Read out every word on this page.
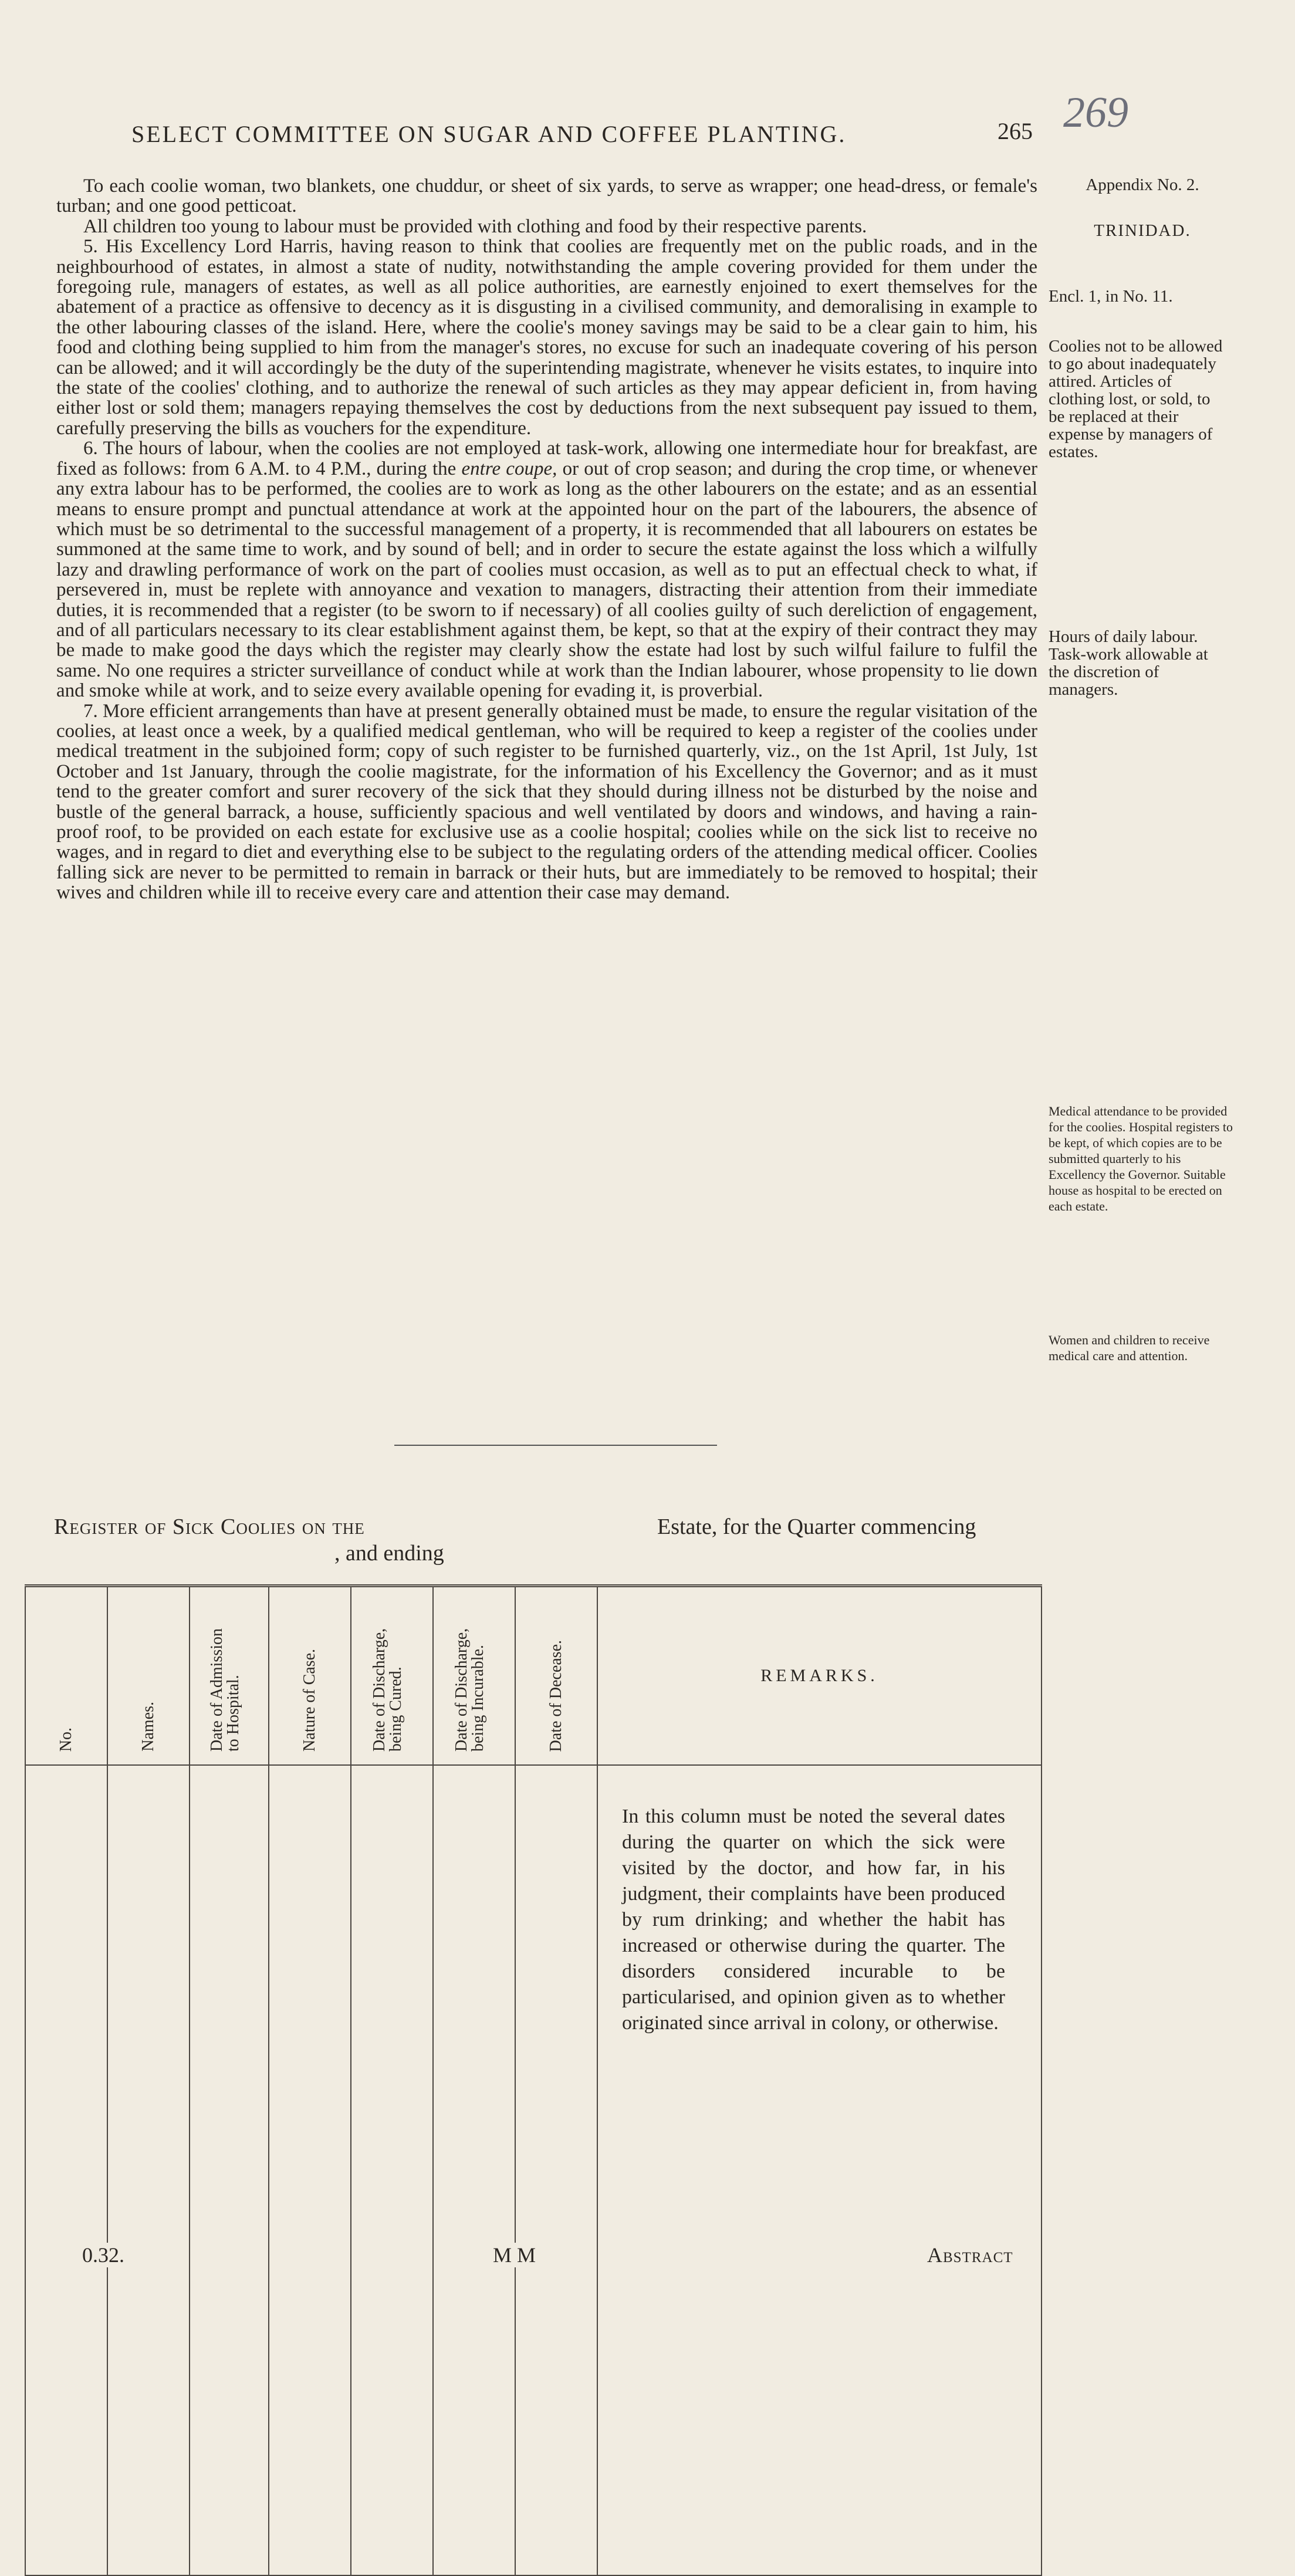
SELECT COMMITTEE ON SUGAR AND COFFEE PLANTING.	265 269

To each coolie woman, two blankets, one chuddur, or sheet of six yards, to serve as wrapper; one head-dress, or female's turban; and one good petticoat.

All children too young to labour must be provided with clothing and food by their respective parents.

5. His Excellency Lord Harris, having reason to think that coolies are frequently met on the public roads, and in the neighbourhood of estates, in almost a state of nudity, notwithstanding the ample covering provided for them under the foregoing rule, managers of estates, as well as all police authorities, are earnestly enjoined to exert themselves for the abatement of a practice as offensive to decency as it is disgusting in a civilised community, and demoralising in example to the other labouring classes of the island. Here, where the coolie's money savings may be said to be a clear gain to him, his food and clothing being supplied to him from the manager's stores, no excuse for such an inadequate covering of his person can be allowed; and it will accordingly be the duty of the superintending magistrate, whenever he visits estates, to inquire into the state of the coolies' clothing, and to authorize the renewal of such articles as they may appear deficient in, from having either lost or sold them; managers repaying themselves the cost by deductions from the next subsequent pay issued to them, carefully preserving the bills as vouchers for the expenditure.

6. The hours of labour, when the coolies are not employed at task-work, allowing one intermediate hour for breakfast, are fixed as follows: from 6 A.M. to 4 P.M., during the entre coupe, or out of crop season; and during the crop time, or whenever any extra labour has to be performed, the coolies are to work as long as the other labourers on the estate; and as an essential means to ensure prompt and punctual attendance at work at the appointed hour on the part of the labourers, the absence of which must be so detrimental to the successful management of a property, it is recommended that all labourers on estates be summoned at the same time to work, and by sound of bell; and in order to secure the estate against the loss which a wilfully lazy and drawling performance of work on the part of coolies must occasion, as well as to put an effectual check to what, if persevered in, must be replete with annoyance and vexation to managers, distracting their attention from their immediate duties, it is recommended that a register (to be sworn to if necessary) of all coolies guilty of such dereliction of engagement, and of all particulars necessary to its clear establishment against them, be kept, so that at the expiry of their contract they may be made to make good the days which the register may clearly show the estate had lost by such wilful failure to fulfil the same. No one requires a stricter surveillance of conduct while at work than the Indian labourer, whose propensity to lie down and smoke while at work, and to seize every available opening for evading it, is proverbial.

7. More efficient arrangements than have at present generally obtained must be made, to ensure the regular visitation of the coolies, at least once a week, by a qualified medical gentleman, who will be required to keep a register of the coolies under medical treatment in the subjoined form; copy of such register to be furnished quarterly, viz., on the 1st April, 1st July, 1st October and 1st January, through the coolie magistrate, for the information of his Excellency the Governor; and as it must tend to the greater comfort and surer recovery of the sick that they should during illness not be disturbed by the noise and bustle of the general barrack, a house, sufficiently spacious and well ventilated by doors and windows, and having a rain-proof roof, to be provided on each estate for exclusive use as a coolie hospital; coolies while on the sick list to receive no wages, and in regard to diet and everything else to be subject to the regulating orders of the attending medical officer. Coolies falling sick are never to be permitted to remain in barrack or their huts, but are immediately to be removed to hospital; their wives and children while ill to receive every care and attention their case may demand.

Appendix No. 2.
TRINIDAD.
Encl. 1, in No. 11.
Coolies not to be allowed to go about inadequately attired. Articles of clothing lost, or sold, to be replaced at their expense by managers of estates.
Hours of daily labour. Task-work allowable at the discretion of managers.
Medical attendance to be provided for the coolies. Hospital registers to be kept, of which copies are to be submitted quarterly to his Excellency the Governor. Suitable house as hospital to be erected on each estate.
Women and children to receive medical care and attention.
Register of Sick Coolies on the	Estate, for the Quarter commencing
, and ending
No.	Names.	Date of Admission to Hospital.	Nature of Case.	Date of Discharge, being Cured.	Date of Discharge, being Incurable.	Date of Decease.	REMARKS.

							In this column must be noted the several dates during the quarter on which the sick were visited by the doctor, and how far, in his judgment, their complaints have been produced by rum drinking; and whether the habit has increased or otherwise during the quarter. The disorders considered incurable to be particularised, and opinion given as to whether originated since arrival in colony, or otherwise.
0.32.	M M	Abstract
